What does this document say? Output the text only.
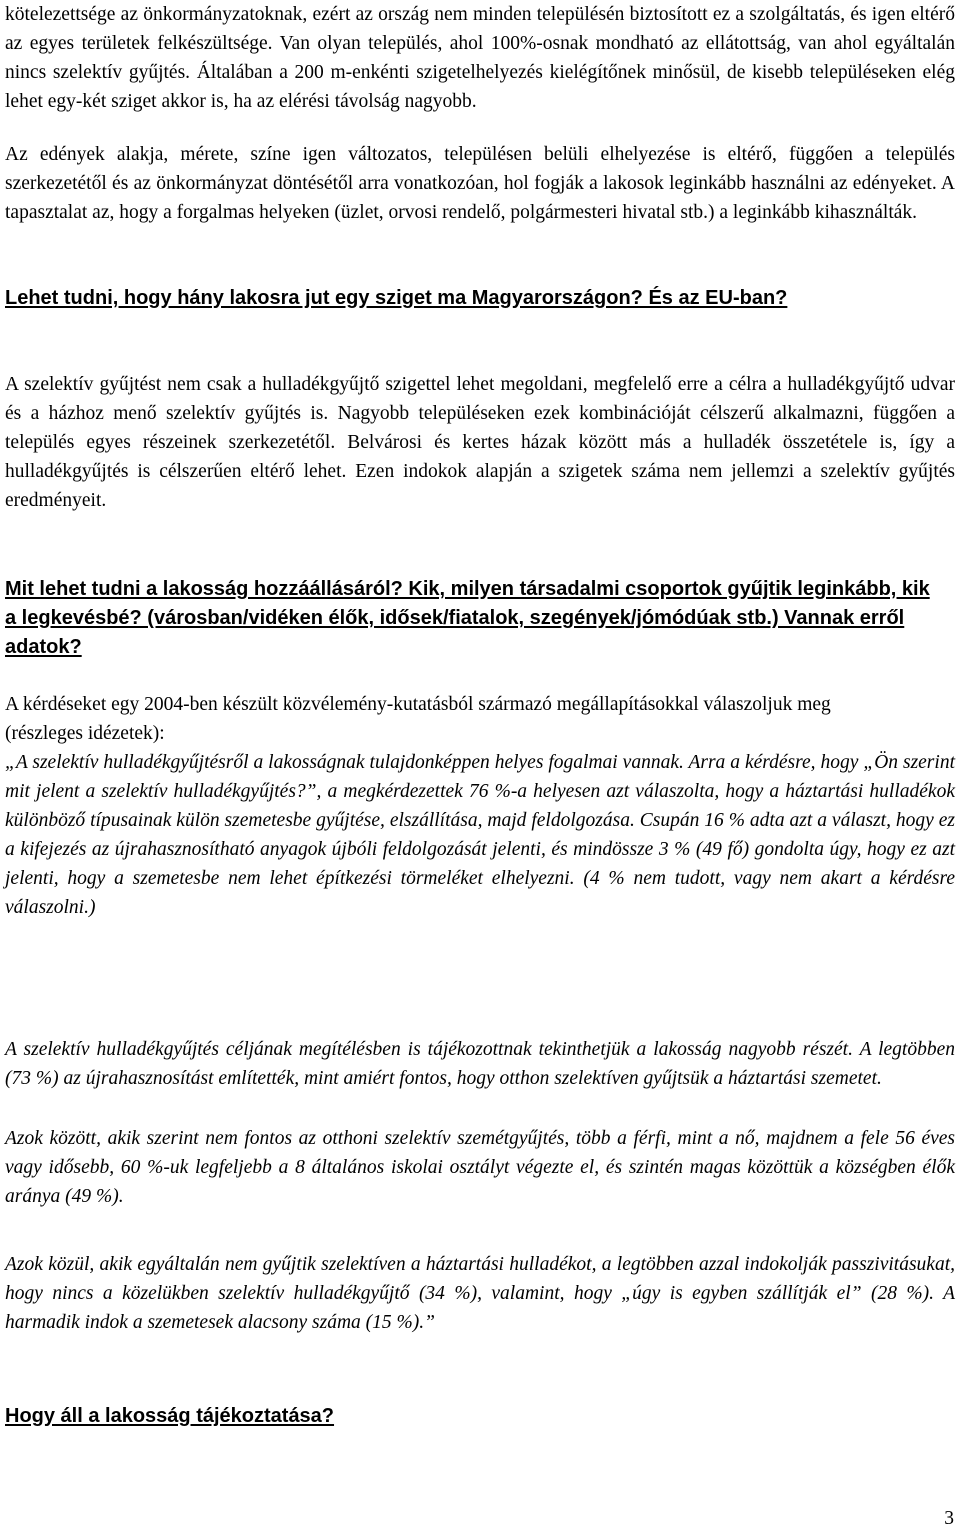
kötelezettsége az önkormányzatoknak, ezért az ország nem minden településén biztosított ez a szolgáltatás, és igen eltérő az egyes területek felkészültsége. Van olyan település, ahol 100%-osnak mondható az ellátottság, van ahol egyáltalán nincs szelektív gyűjtés. Általában a 200 m-enkénti szigetelhelyezés kielégítőnek minősül, de kisebb településeken elég lehet egy-két sziget akkor is, ha az elérési távolság nagyobb.

Az edények alakja, mérete, színe igen változatos, településen belüli elhelyezése is eltérő, függően a település szerkezetétől és az önkormányzat döntésétől arra vonatkozóan, hol fogják a lakosok leginkább használni az edényeket. A tapasztalat az, hogy a forgalmas helyeken (üzlet, orvosi rendelő, polgármesteri hivatal stb.) a leginkább kihasználták.

Lehet tudni, hogy hány lakosra jut egy sziget ma Magyarországon? És az EU-ban?

A szelektív gyűjtést nem csak a hulladékgyűjtő szigettel lehet megoldani, megfelelő erre a célra a hulladékgyűjtő udvar és a házhoz menő szelektív gyűjtés is. Nagyobb településeken ezek kombinációját célszerű alkalmazni, függően a település egyes részeinek szerkezetétől. Belvárosi és kertes házak között más a hulladék összetétele is, így a hulladékgyűjtés is célszerűen eltérő lehet. Ezen indokok alapján a szigetek száma nem jellemzi a szelektív gyűjtés eredményeit.

Mit lehet tudni a lakosság hozzáállásáról? Kik, milyen társadalmi csoportok gyűjtik leginkább, kik a legkevésbé? (városban/vidéken élők, idősek/fiatalok, szegények/jómódúak stb.) Vannak erről adatok?

A kérdéseket egy 2004-ben készült közvélemény-kutatásból származó megállapításokkal válaszoljuk meg (részleges idézetek):

„A szelektív hulladékgyűjtésről a lakosságnak tulajdonképpen helyes fogalmai vannak. Arra a kérdésre, hogy „Ön szerint mit jelent a szelektív hulladékgyűjtés?”, a megkérdezettek 76 %-a helyesen azt válaszolta, hogy a háztartási hulladékok különböző típusainak külön szemetesbe gyűjtése, elszállítása, majd feldolgozása. Csupán 16 % adta azt a választ, hogy ez a kifejezés az újrahasznosítható anyagok újbóli feldolgozását jelenti, és mindössze 3 % (49 fő) gondolta úgy, hogy ez azt jelenti, hogy a szemetesbe nem lehet építkezési törmeléket elhelyezni. (4 % nem tudott, vagy nem akart a kérdésre válaszolni.)

A szelektív hulladékgyűjtés céljának megítélésben is tájékozottnak tekinthetjük a lakosság nagyobb részét. A legtöbben (73 %) az újrahasznosítást említették, mint amiért fontos, hogy otthon szelektíven gyűjtsük a háztartási szemetet.

Azok között, akik szerint nem fontos az otthoni szelektív szemétgyűjtés, több a férfi, mint a nő, majdnem a fele 56 éves vagy idősebb, 60 %-uk legfeljebb a 8 általános iskolai osztályt végezte el, és szintén magas közöttük a községben élők aránya (49 %).

Azok közül, akik egyáltalán nem gyűjtik szelektíven a háztartási hulladékot, a legtöbben azzal indokolják passzivitásukat, hogy nincs a közelükben szelektív hulladékgyűjtő (34 %), valamint, hogy „úgy is egyben szállítják el” (28 %). A harmadik indok a szemetesek alacsony száma (15 %).”

Hogy áll a lakosság tájékoztatása?
3
